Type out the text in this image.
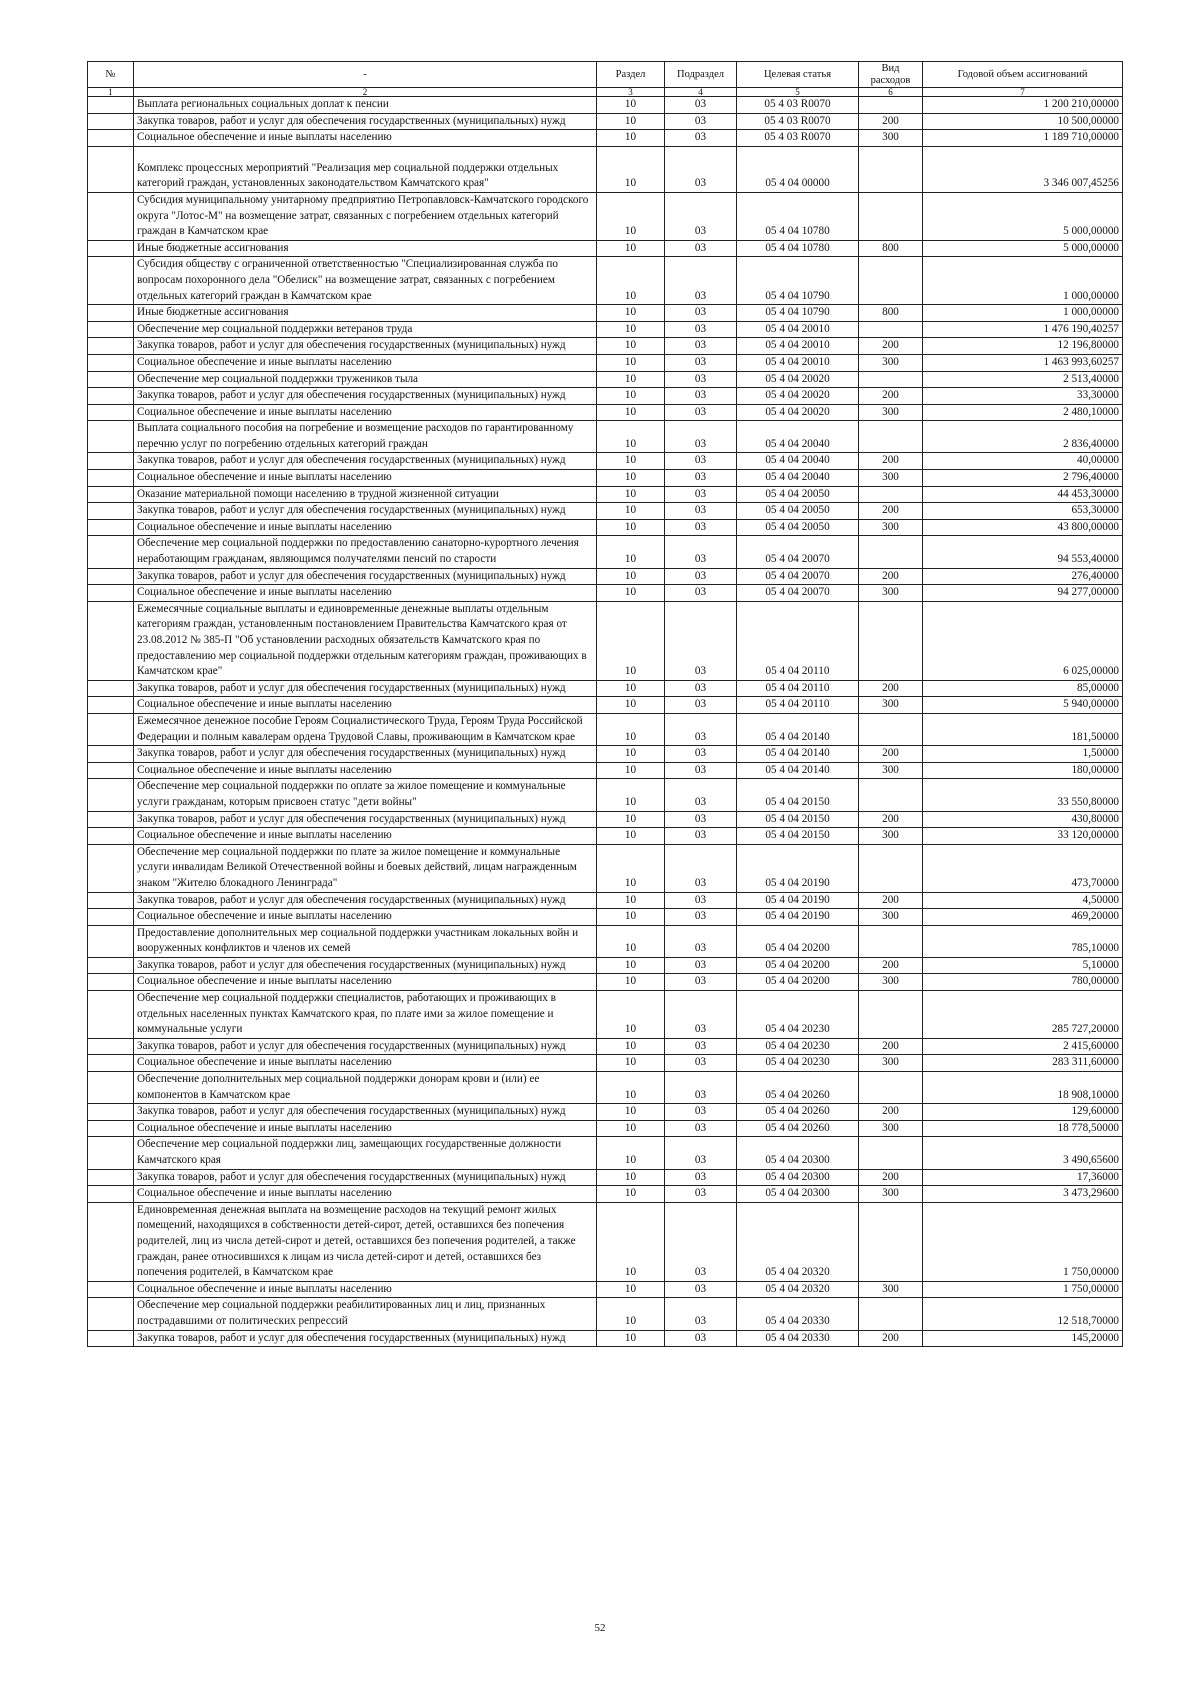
№	-	Раздел	Подраздел	Целевая статья	Вид расходов	Годовой объем ассигнований
1	2	3	4	5	6	7
	Выплата региональных социальных доплат к пенсии	10	03	05 4 03 R0070		1 200 210,00000
	Закупка товаров, работ и услуг для обеспечения государственных (муниципальных) нужд	10	03	05 4 03 R0070	200	10 500,00000
	Социальное обеспечение и иные выплаты населению	10	03	05 4 03 R0070	300	1 189 710,00000
	Комплекс процессных мероприятий "Реализация мер социальной поддержки отдельных категорий граждан, установленных законодательством Камчатского края"	10	03	05 4 04 00000		3 346 007,45256
	Субсидия муниципальному унитарному предприятию Петропавловск-Камчатского городского округа "Лотос-М" на возмещение затрат, связанных с погребением отдельных категорий граждан в Камчатском крае	10	03	05 4 04 10780		5 000,00000
	Иные бюджетные ассигнования	10	03	05 4 04 10780	800	5 000,00000
	Субсидия обществу с ограниченной ответственностью "Специализированная служба по вопросам похоронного дела "Обелиск" на возмещение затрат, связанных с погребением отдельных категорий граждан в Камчатском крае	10	03	05 4 04 10790		1 000,00000
	Иные бюджетные ассигнования	10	03	05 4 04 10790	800	1 000,00000
	Обеспечение мер социальной поддержки ветеранов труда	10	03	05 4 04 20010		1 476 190,40257
	Закупка товаров, работ и услуг для обеспечения государственных (муниципальных) нужд	10	03	05 4 04 20010	200	12 196,80000
	Социальное обеспечение и иные выплаты населению	10	03	05 4 04 20010	300	1 463 993,60257
	Обеспечение мер социальной поддержки тружеников тыла	10	03	05 4 04 20020		2 513,40000
	Закупка товаров, работ и услуг для обеспечения государственных (муниципальных) нужд	10	03	05 4 04 20020	200	33,30000
	Социальное обеспечение и иные выплаты населению	10	03	05 4 04 20020	300	2 480,10000
	Выплата социального пособия на погребение и возмещение расходов по гарантированному перечню услуг по погребению отдельных категорий граждан	10	03	05 4 04 20040		2 836,40000
	Закупка товаров, работ и услуг для обеспечения государственных (муниципальных) нужд	10	03	05 4 04 20040	200	40,00000
	Социальное обеспечение и иные выплаты населению	10	03	05 4 04 20040	300	2 796,40000
	Оказание материальной помощи населению в трудной жизненной ситуации	10	03	05 4 04 20050		44 453,30000
	Закупка товаров, работ и услуг для обеспечения государственных (муниципальных) нужд	10	03	05 4 04 20050	200	653,30000
	Социальное обеспечение и иные выплаты населению	10	03	05 4 04 20050	300	43 800,00000
	Обеспечение мер социальной поддержки по предоставлению санаторно-курортного лечения неработающим гражданам, являющимся получателями пенсий по старости	10	03	05 4 04 20070		94 553,40000
	Закупка товаров, работ и услуг для обеспечения государственных (муниципальных) нужд	10	03	05 4 04 20070	200	276,40000
	Социальное обеспечение и иные выплаты населению	10	03	05 4 04 20070	300	94 277,00000
	Ежемесячные социальные выплаты и единовременные денежные выплаты отдельным категориям граждан, установленным постановлением Правительства Камчатского края от 23.08.2012 № 385-П "Об установлении расходных обязательств Камчатского края по предоставлению мер социальной поддержки отдельным категориям граждан, проживающих в Камчатском крае"	10	03	05 4 04 20110		6 025,00000
	Закупка товаров, работ и услуг для обеспечения государственных (муниципальных) нужд	10	03	05 4 04 20110	200	85,00000
	Социальное обеспечение и иные выплаты населению	10	03	05 4 04 20110	300	5 940,00000
	Ежемесячное денежное пособие Героям Социалистического Труда, Героям Труда Российской Федерации и полным кавалерам ордена Трудовой Славы, проживающим в Камчатском крае	10	03	05 4 04 20140		181,50000
	Закупка товаров, работ и услуг для обеспечения государственных (муниципальных) нужд	10	03	05 4 04 20140	200	1,50000
	Социальное обеспечение и иные выплаты населению	10	03	05 4 04 20140	300	180,00000
	Обеспечение мер социальной поддержки по оплате за жилое помещение и коммунальные услуги гражданам, которым присвоен статус "дети войны"	10	03	05 4 04 20150		33 550,80000
	Закупка товаров, работ и услуг для обеспечения государственных (муниципальных) нужд	10	03	05 4 04 20150	200	430,80000
	Социальное обеспечение и иные выплаты населению	10	03	05 4 04 20150	300	33 120,00000
	Обеспечение мер социальной поддержки по плате за жилое помещение и коммунальные услуги инвалидам Великой Отечественной войны и боевых действий, лицам награжденным знаком "Жителю блокадного Ленинграда"	10	03	05 4 04 20190		473,70000
	Закупка товаров, работ и услуг для обеспечения государственных (муниципальных) нужд	10	03	05 4 04 20190	200	4,50000
	Социальное обеспечение и иные выплаты населению	10	03	05 4 04 20190	300	469,20000
	Предоставление дополнительных мер социальной поддержки участникам локальных войн и вооруженных конфликтов и членов их семей	10	03	05 4 04 20200		785,10000
	Закупка товаров, работ и услуг для обеспечения государственных (муниципальных) нужд	10	03	05 4 04 20200	200	5,10000
	Социальное обеспечение и иные выплаты населению	10	03	05 4 04 20200	300	780,00000
	Обеспечение мер социальной поддержки специалистов, работающих и проживающих в отдельных населенных пунктах Камчатского края, по плате ими за жилое помещение и коммунальные услуги	10	03	05 4 04 20230		285 727,20000
	Закупка товаров, работ и услуг для обеспечения государственных (муниципальных) нужд	10	03	05 4 04 20230	200	2 415,60000
	Социальное обеспечение и иные выплаты населению	10	03	05 4 04 20230	300	283 311,60000
	Обеспечение дополнительных мер социальной поддержки донорам крови и (или) ее компонентов в Камчатском крае	10	03	05 4 04 20260		18 908,10000
	Закупка товаров, работ и услуг для обеспечения государственных (муниципальных) нужд	10	03	05 4 04 20260	200	129,60000
	Социальное обеспечение и иные выплаты населению	10	03	05 4 04 20260	300	18 778,50000
	Обеспечение мер социальной поддержки лиц, замещающих государственные должности Камчатского края	10	03	05 4 04 20300		3 490,65600
	Закупка товаров, работ и услуг для обеспечения государственных (муниципальных) нужд	10	03	05 4 04 20300	200	17,36000
	Социальное обеспечение и иные выплаты населению	10	03	05 4 04 20300	300	3 473,29600
	Единовременная денежная выплата на возмещение расходов на текущий ремонт жилых помещений, находящихся в собственности детей-сирот, детей, оставшихся без попечения родителей, лиц из числа детей-сирот и детей, оставшихся без попечения родителей, а также граждан, ранее относившихся к лицам из числа детей-сирот и детей, оставшихся без попечения родителей, в Камчатском крае	10	03	05 4 04 20320		1 750,00000
	Социальное обеспечение и иные выплаты населению	10	03	05 4 04 20320	300	1 750,00000
	Обеспечение мер социальной поддержки реабилитированных лиц и лиц, признанных пострадавшими от политических репрессий	10	03	05 4 04 20330		12 518,70000
	Закупка товаров, работ и услуг для обеспечения государственных (муниципальных) нужд	10	03	05 4 04 20330	200	145,20000
52
